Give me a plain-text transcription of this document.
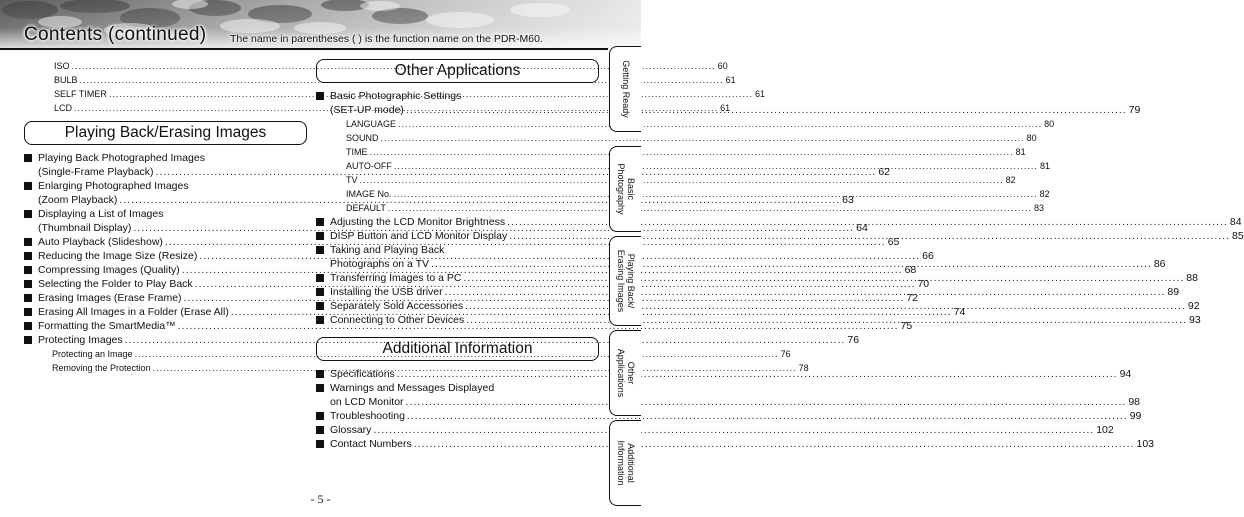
Contents (continued) The name in parentheses ( ) is the function name on the PDR-M60.
ISO .....	60
BULB .....	61
SELF TIMER .....	61
LCD .....	61
Playing Back/Erasing Images
Playing Back Photographed Images
(Single-Frame Playback) .....	62
Enlarging Photographed Images
(Zoom Playback) .....	63
Displaying a List of Images
(Thumbnail Display) .....	64
Auto Playback (Slideshow) .....	65
Reducing the Image Size (Resize) .....	66
Compressing Images (Quality) .....	68
Selecting the Folder to Play Back .....	70
Erasing Images (Erase Frame) .....	72
Erasing All Images in a Folder (Erase All) .....	74
Formatting the SmartMedia™ .....	75
Protecting Images .....	76
Protecting an Image .....	76
Removing the Protection .....	78
Other Applications
Basic Photographic Settings
(SET-UP mode) .....	79
LANGUAGE .....	80
SOUND .....	80
TIME .....	81
AUTO-OFF .....	81
TV .....	82
IMAGE No. .....	82
DEFAULT .....	83
Adjusting the LCD Monitor Brightness .....	84
DISP Button and LCD Monitor Display .....	85
Taking and Playing Back
Photographs on a TV .....	86
Transferring Images to a PC .....	88
Installing the USB driver .....	89
Separately Sold Accessories .....	92
Connecting to Other Devices .....	93
Additional Information
Specifications .....	94
Warnings and Messages Displayed
on LCD Monitor .....	98
Troubleshooting .....	99
Glossary .....	102
Contact Numbers .....	103
Getting Ready
Basic
Photography
Playing Back/
Erasing Images
Other
Applications
Additional
Information
- 5 -
